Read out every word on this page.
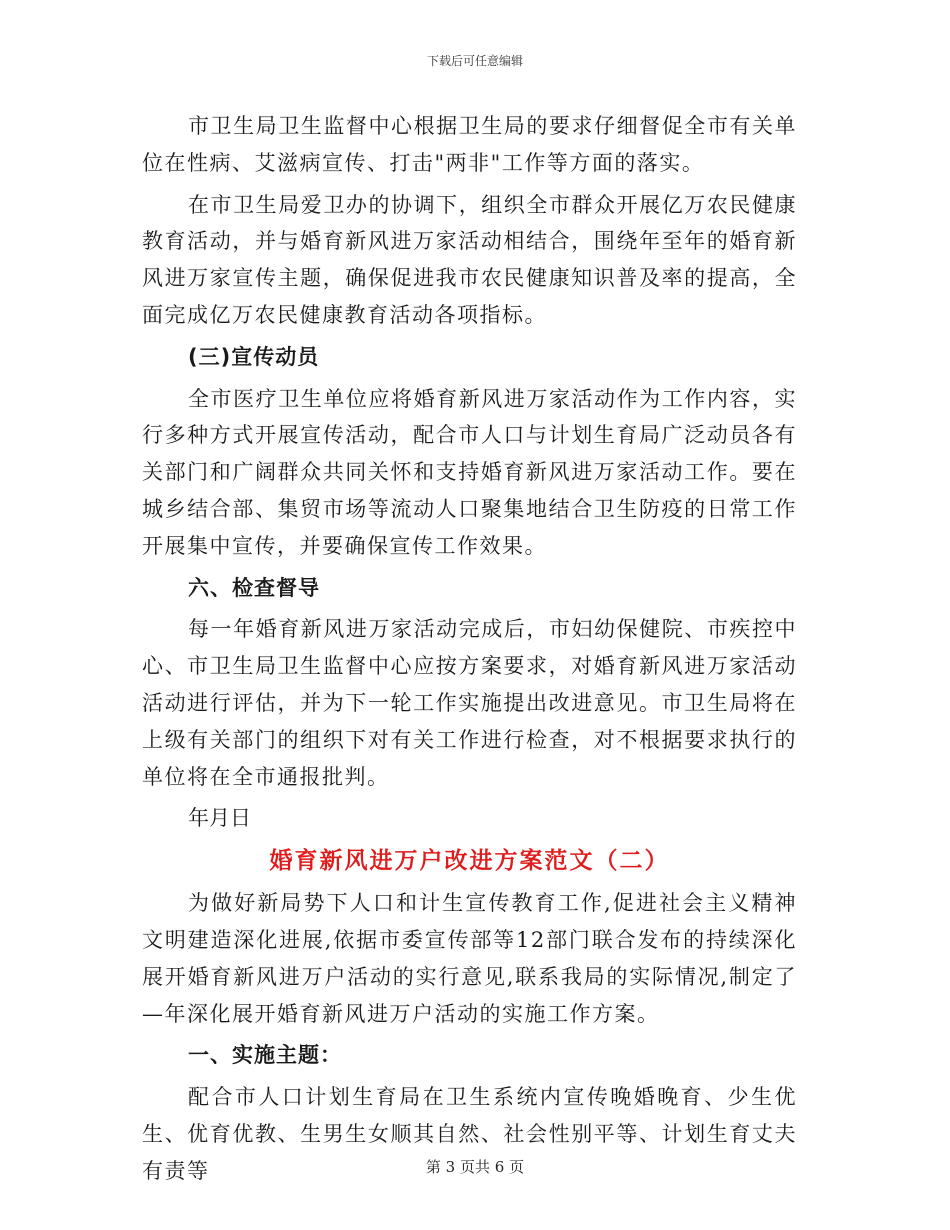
下载后可任意编辑

市卫生局卫生监督中心根据卫生局的要求仔细督促全市有关单位在性病、艾滋病宣传、打击"两非"工作等方面的落实。

在市卫生局爱卫办的协调下，组织全市群众开展亿万农民健康教育活动，并与婚育新风进万家活动相结合，围绕年至年的婚育新风进万家宣传主题，确保促进我市农民健康知识普及率的提高，全面完成亿万农民健康教育活动各项指标。

(三)宣传动员

全市医疗卫生单位应将婚育新风进万家活动作为工作内容，实行多种方式开展宣传活动，配合市人口与计划生育局广泛动员各有关部门和广阔群众共同关怀和支持婚育新风进万家活动工作。要在城乡结合部、集贸市场等流动人口聚集地结合卫生防疫的日常工作开展集中宣传，并要确保宣传工作效果。

六、检查督导

每一年婚育新风进万家活动完成后，市妇幼保健院、市疾控中心、市卫生局卫生监督中心应按方案要求，对婚育新风进万家活动活动进行评估，并为下一轮工作实施提出改进意见。市卫生局将在上级有关部门的组织下对有关工作进行检查，对不根据要求执行的单位将在全市通报批判。

年月日

婚育新风进万户改进方案范文（二）

为做好新局势下人口和计生宣传教育工作,促进社会主义精神文明建造深化进展,依据市委宣传部等12部门联合发布的持续深化展开婚育新风进万户活动的实行意见,联系我局的实际情况,制定了—年深化展开婚育新风进万户活动的实施工作方案。

一、实施主题：

配合市人口计划生育局在卫生系统内宣传晚婚晚育、少生优生、优育优教、生男生女顺其自然、社会性别平等、计划生育丈夫有责等	第 3 页共 6 页
